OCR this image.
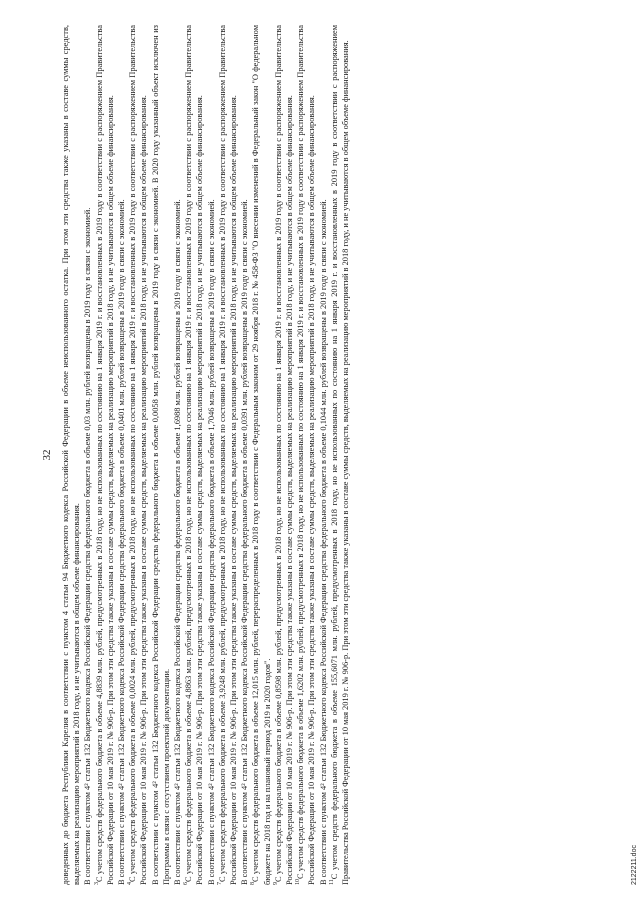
32 доведенных до бюджета Республики Карелия в соответствии с пунктом 4 статьи 94 Бюджетного кодекса Российской Федерации в объеме неиспользованного остатка. При этом эти средства также указаны в составе суммы средств, выделяемых на реализацию мероприятий в 2018 году, и не учитываются в общем объеме финансирования. В соответствии с пунктом 4² статьи 132 Бюджетного кодекса Российской Федерации средства федерального бюджета в объеме 0,03 млн. рублей возвращены в 2019 году в связи с экономией. $^3$С учетом средств федерального бюджета в объеме 4,8839 млн. рублей, предусмотренных в 2018 году, но не использованных по состоянию на 1 января 2019 г. и восстановленных в 2019 году в соответствии с распоряжением Правительства Российской Федерации от 10 мая 2019 г. № 906-р. При этом эти средства также указаны в составе суммы средств, выделяемых на реализацию мероприятий в 2018 году, и не учитываются в общем объеме финансирования. В соответствии с пунктом 4² статьи 132 Бюджетного кодекса Российской Федерации средства федерального бюджета в объеме 0,0401 млн. рублей возвращены в 2019 году в связи с экономией. $^4$С учетом средств федерального бюджета в объеме 0,0024 млн. рублей, предусмотренных в 2018 году, но не использованных по состоянию на 1 января 2019 г. и восстановленных в 2019 году в соответствии с распоряжением Правительства Российской Федерации от 10 мая 2019 г. № 906-р. При этом эти средства также указаны в составе суммы средств, выделяемых на реализацию мероприятий в 2018 году, и не учитываются в общем объеме финансирования. В соответствии с пунктом 4² статьи 132 Бюджетного кодекса Российской Федерации средства федерального бюджета в объеме 0,0058 млн. рублей возвращены в 2019 году в связи с экономией. В 2020 году указанный объект исключен из Программы в связи с отсутствием проектной документации. В соответствии с пунктом 4² статьи 132 Бюджетного кодекса Российской Федерации средства федерального бюджета в объеме 1,6988 млн. рублей возвращены в 2019 году в связи с экономией. $^6$С учетом средств федерального бюджета в объеме 4,8863 млн. рублей, предусмотренных в 2018 году, но не использованных по состоянию на 1 января 2019 г. и восстановленных в 2019 году в соответствии с распоряжением Правительства Российской Федерации от 10 мая 2019 г. № 906-р. При этом эти средства также указаны в составе суммы средств, выделяемых на реализацию мероприятий в 2018 году, и не учитываются в общем объеме финансирования. В соответствии с пунктом 4² статьи 132 Бюджетного кодекса Российской Федерации средства федерального бюджета в объеме 1,7046 млн. рублей возвращены в 2019 году в связи с экономией. $^7$С учетом средств федерального бюджета в объеме 3,9248 млн. рублей, предусмотренных в 2018 году, но не использованных по состоянию на 1 января 2019 г. и восстановленных в 2019 году в соответствии с распоряжением Правительства Российской Федерации от 10 мая 2019 г. № 906-р. При этом эти средства также указаны в составе суммы средств, выделяемых на реализацию мероприятий в 2018 году, и не учитываются в общем объеме финансирования. В соответствии с пунктом 4² статьи 132 Бюджетного кодекса Российской Федерации средства федерального бюджета в объеме 0,0391 млн. рублей возвращены в 2019 году в связи с экономией. $^8$С учетом средств федерального бюджета в объеме 12,015 млн. рублей, перераспределенных в 2018 году в соответствии с Федеральным законом от 29 ноября 2018 г. № 458-ФЗ "О внесении изменений в Федеральный закон "О федеральном бюджете на 2018 год и на плановый период 2019 и 2020 годов". $^9$С учетом средств федерального бюджета в объеме 0,8598 млн. рублей, предусмотренных в 2018 году, но не использованных по состоянию на 1 января 2019 г. и восстановленных в 2019 году в соответствии с распоряжением Правительства Российской Федерации от 10 мая 2019 г. № 906-р. При этом эти средства также указаны в составе суммы средств, выделяемых на реализацию мероприятий в 2018 году, и не учитываются в общем объеме финансирования. $^{10}$С учетом средств федерального бюджета в объеме 1,6202 млн. рублей, предусмотренных в 2018 году, но не использованных по состоянию на 1 января 2019 г. и восстановленных в 2019 году в соответствии с распоряжением Правительства Российской Федерации от 10 мая 2019 г. № 906-р. При этом эти средства также указаны в составе суммы средств, выделяемых на реализацию мероприятий в 2018 году, и не учитываются в общем объеме финансирования. В соответствии с пунктом 4² статьи 132 Бюджетного кодекса Российской Федерации средства федерального бюджета в объеме 0,1044 млн. рублей возвращены в 2019 году в связи с экономией. $^{11}$С учетом средств федерального бюджета в объеме 155,6071 млн. рублей, предусмотренных в 2018 году, но не использованных по состоянию на 1 января 2019 г. и восстановленных в 2019 году в соответствии с распоряжением Правительства Российской Федерации от 10 мая 2019 г. № 906-р. При этом эти средства также указаны в составе суммы средств, выделяемых на реализацию мероприятий в 2018 году, и не учитываются в общем объеме финансирования.	2122211.doc
